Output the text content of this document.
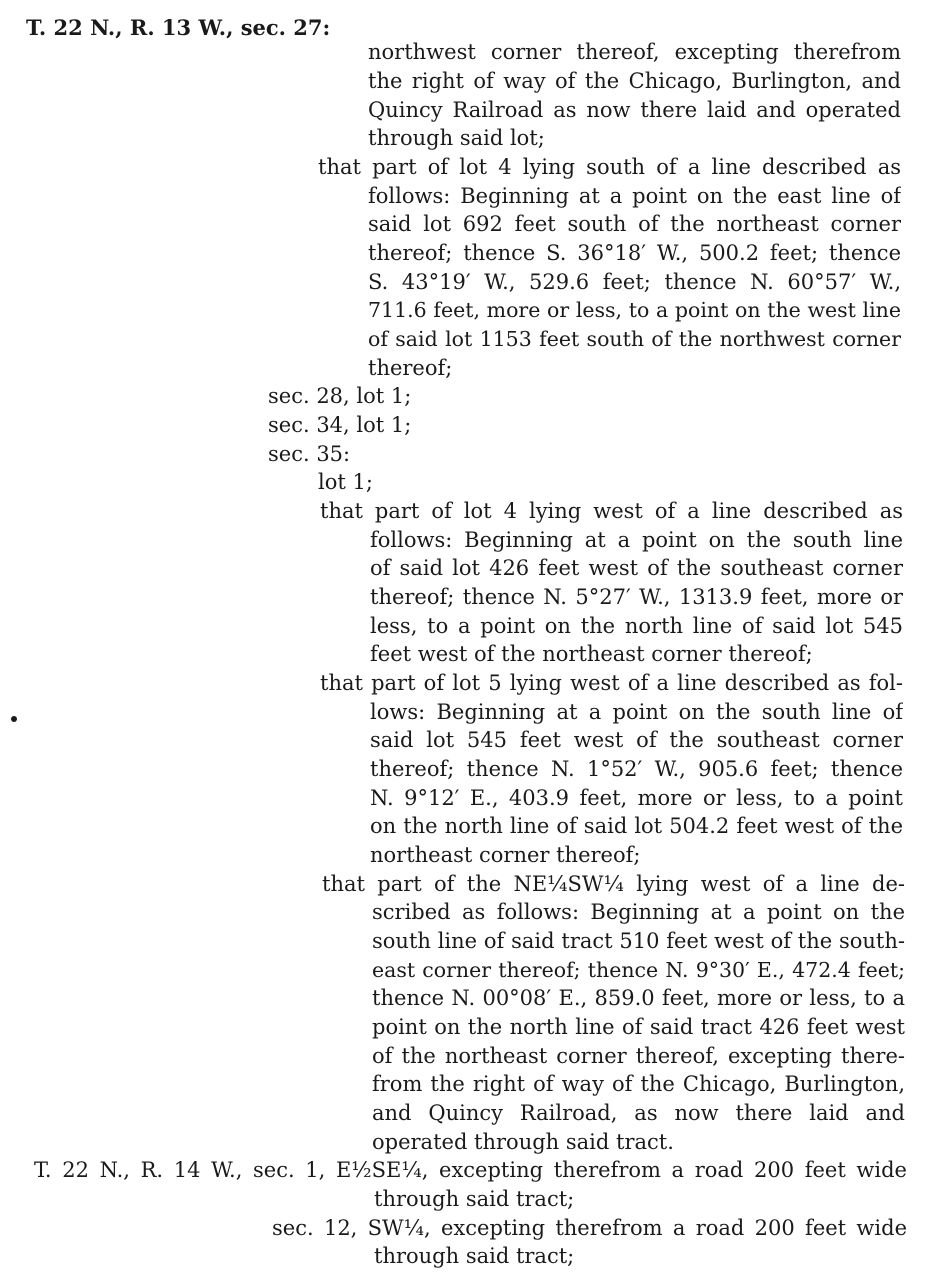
T. 22 N., R. 13 W., sec. 27:
northwest corner thereof, excepting therefrom
the right of way of the Chicago, Burlington, and
Quincy Railroad as now there laid and operated
through said lot;
that part of lot 4 lying south of a line described as
follows: Beginning at a point on the east line of
said lot 692 feet south of the northeast corner
thereof; thence S. 36°18′ W., 500.2 feet; thence
S. 43°19′ W., 529.6 feet; thence N. 60°57′ W.,
711.6 feet, more or less, to a point on the west line
of said lot 1153 feet south of the northwest corner
thereof;
sec. 28, lot 1;
sec. 34, lot 1;
sec. 35:
lot 1;
that part of lot 4 lying west of a line described as
follows: Beginning at a point on the south line
of said lot 426 feet west of the southeast corner
thereof; thence N. 5°27′ W., 1313.9 feet, more or
less, to a point on the north line of said lot 545
feet west of the northeast corner thereof;
that part of lot 5 lying west of a line described as fol-
lows: Beginning at a point on the south line of
said lot 545 feet west of the southeast corner
thereof; thence N. 1°52′ W., 905.6 feet; thence
N. 9°12′ E., 403.9 feet, more or less, to a point
on the north line of said lot 504.2 feet west of the
northeast corner thereof;
that part of the NE¼SW¼ lying west of a line de-
scribed as follows: Beginning at a point on the
south line of said tract 510 feet west of the south-
east corner thereof; thence N. 9°30′ E., 472.4 feet;
thence N. 00°08′ E., 859.0 feet, more or less, to a
point on the north line of said tract 426 feet west
of the northeast corner thereof, excepting there-
from the right of way of the Chicago, Burlington,
and Quincy Railroad, as now there laid and
operated through said tract.
T. 22 N., R. 14 W., sec. 1, E½SE¼, excepting therefrom a road 200 feet wide
through said tract;
sec. 12, SW¼, excepting therefrom a road 200 feet wide
through said tract;
